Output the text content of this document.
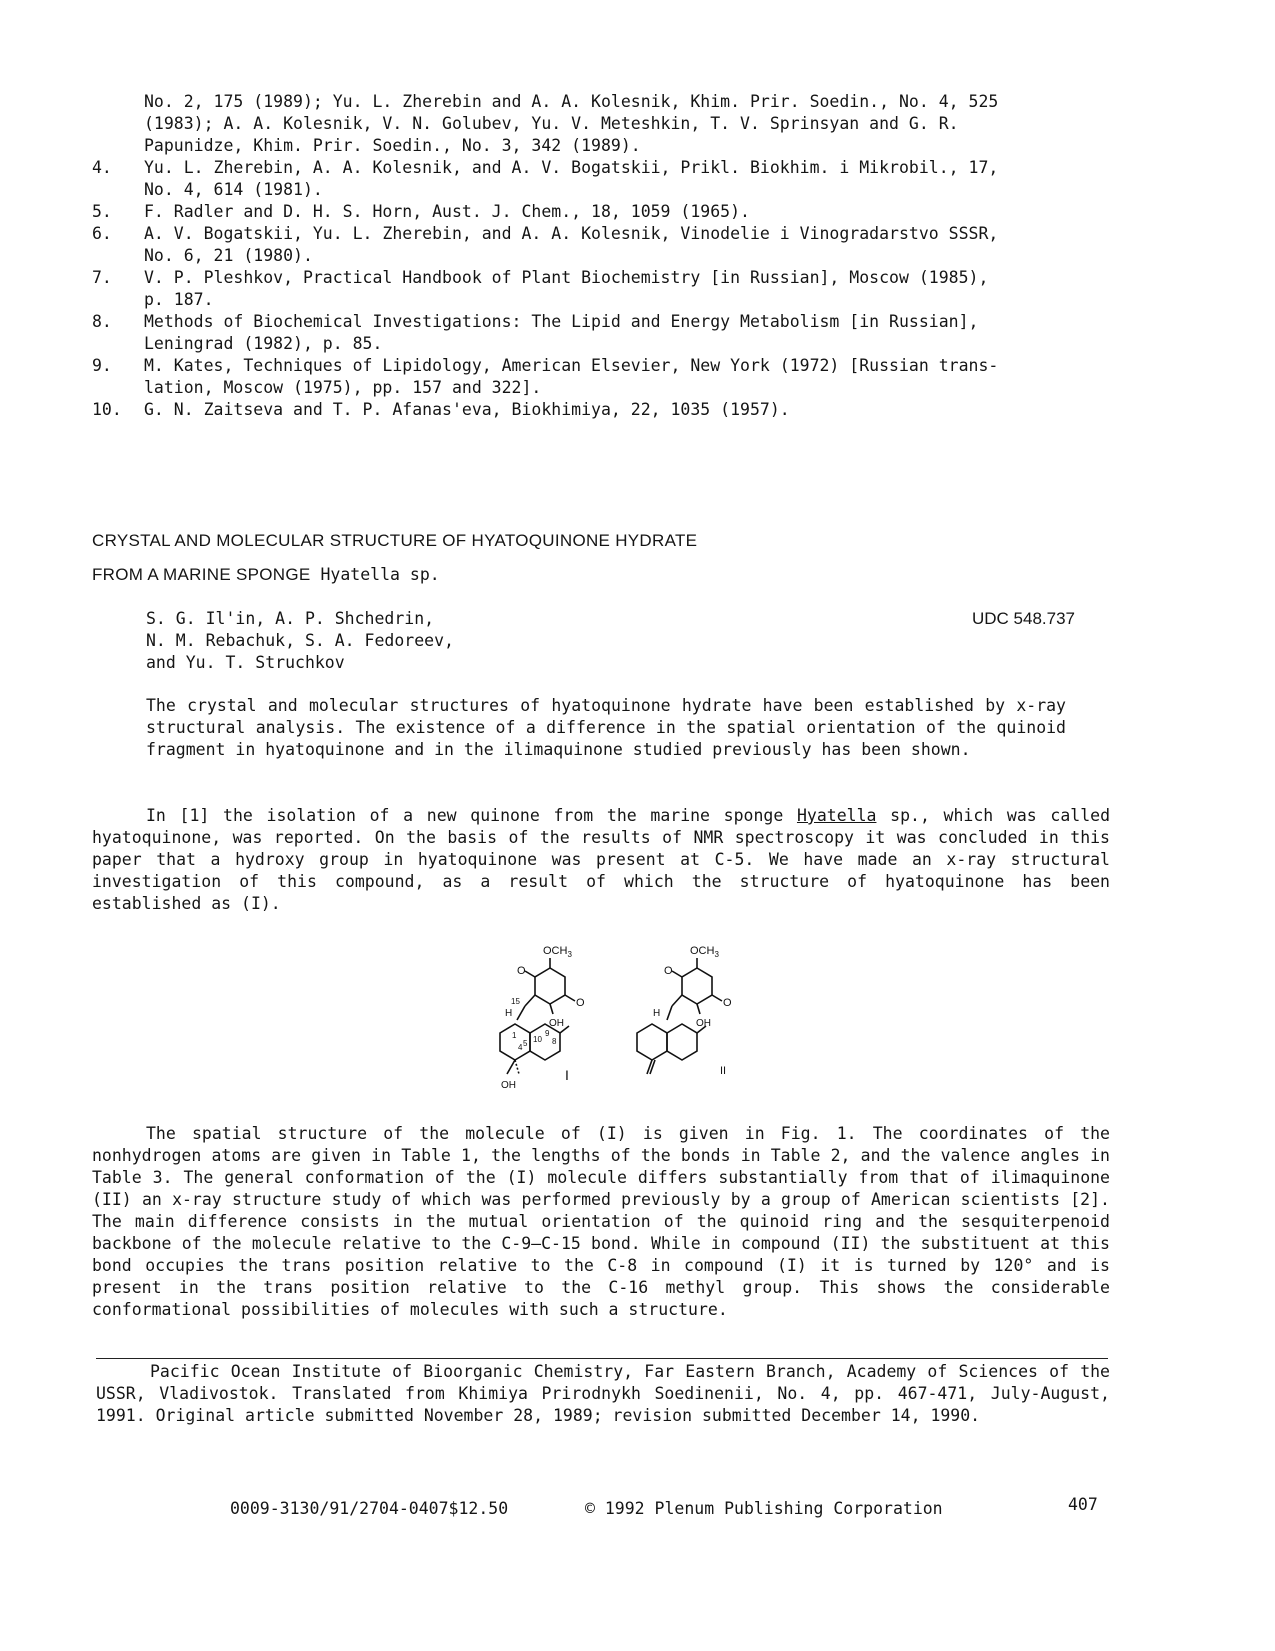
No. 2, 175 (1989); Yu. L. Zherebin and A. A. Kolesnik, Khim. Prir. Soedin., No. 4, 525
(1983); A. A. Kolesnik, V. N. Golubev, Yu. V. Meteshkin, T. V. Sprinsyan and G. R.
Papunidze, Khim. Prir. Soedin., No. 3, 342 (1989).
4.	Yu. L. Zherebin, A. A. Kolesnik, and A. V. Bogatskii, Prikl. Biokhim. i Mikrobil., 17,
No. 4, 614 (1981).
5.	F. Radler and D. H. S. Horn, Aust. J. Chem., 18, 1059 (1965).
6.	A. V. Bogatskii, Yu. L. Zherebin, and A. A. Kolesnik, Vinodelie i Vinogradarstvo SSSR,
No. 6, 21 (1980).
7.	V. P. Pleshkov, Practical Handbook of Plant Biochemistry [in Russian], Moscow (1985),
p. 187.
8.	Methods of Biochemical Investigations: The Lipid and Energy Metabolism [in Russian],
Leningrad (1982), p. 85.
9.	M. Kates, Techniques of Lipidology, American Elsevier, New York (1972) [Russian trans-
lation, Moscow (1975), pp. 157 and 322].
10.	G. N. Zaitseva and T. P. Afanas'eva, Biokhimiya, 22, 1035 (1957).
CRYSTAL AND MOLECULAR STRUCTURE OF HYATOQUINONE HYDRATE
FROM A MARINE SPONGE Hyatella sp.
S. G. Il'in, A. P. Shchedrin,
N. M. Rebachuk, S. A. Fedoreev,
and Yu. T. Struchkov
UDC 548.737
The crystal and molecular structures of hyatoquinone hydrate have been established by x-ray structural analysis. The existence of a difference in the spatial orientation of the quinoid fragment in hyatoquinone and in the ilimaquinone studied previously has been shown.
In [1] the isolation of a new quinone from the marine sponge Hyatella sp., which was called hyatoquinone, was reported. On the basis of the results of NMR spectroscopy it was concluded in this paper that a hydroxy group in hyatoquinone was present at C-5. We have made an x-ray structural investigation of this compound, as a result of which the structure of hyatoquinone has been established as (I).
$OCH_3$
O
O
OH
H
15
1
4 5 10
9
8
OH
I
$OCH_3$
O
O
OH
H
II
The spatial structure of the molecule of (I) is given in Fig. 1. The coordinates of the nonhydrogen atoms are given in Table 1, the lengths of the bonds in Table 2, and the valence angles in Table 3. The general conformation of the (I) molecule differs substantially from that of ilimaquinone (II) an x-ray structure study of which was performed previously by a group of American scientists [2]. The main difference consists in the mutual orientation of the quinoid ring and the sesquiterpenoid backbone of the molecule relative to the C-9—C-15 bond. While in compound (II) the substituent at this bond occupies the trans position relative to the C-8 in compound (I) it is turned by 120° and is present in the trans position relative to the C-16 methyl group. This shows the considerable conformational possibilities of molecules with such a structure.
Pacific Ocean Institute of Bioorganic Chemistry, Far Eastern Branch, Academy of Sciences of the USSR, Vladivostok. Translated from Khimiya Prirodnykh Soedinenii, No. 4, pp. 467-471, July-August, 1991. Original article submitted November 28, 1989; revision submitted December 14, 1990.
0009-3130/91/2704-0407$12.50	© 1992 Plenum Publishing Corporation	407
